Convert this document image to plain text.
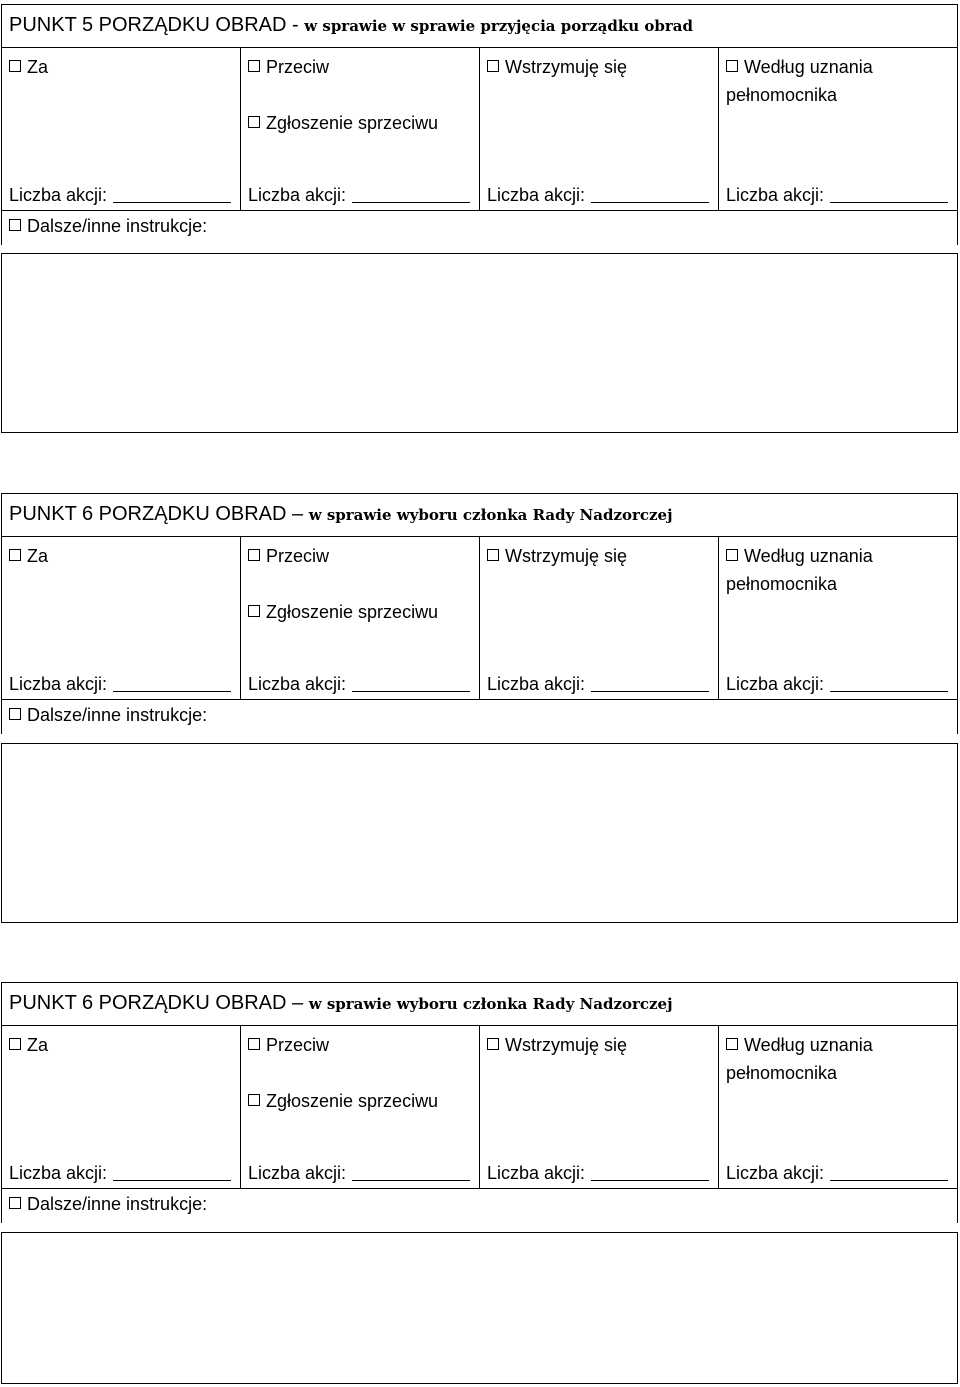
PUNKT 5 PORZĄDKU OBRAD - w sprawie w sprawie przyjęcia porządku obrad
Za
Liczba akcji:

Przeciw
Zgłoszenie sprzeciwu
Liczba akcji:

Wstrzymuję się
Liczba akcji:

Według uznania
pełnomocnika
Liczba akcji:
Dalsze/inne instrukcje:
PUNKT 6 PORZĄDKU OBRAD – w sprawie wyboru członka Rady Nadzorczej
Za
Liczba akcji:

Przeciw
Zgłoszenie sprzeciwu
Liczba akcji:

Wstrzymuję się
Liczba akcji:

Według uznania
pełnomocnika
Liczba akcji:
Dalsze/inne instrukcje:
PUNKT 6 PORZĄDKU OBRAD – w sprawie wyboru członka Rady Nadzorczej
Za
Liczba akcji:

Przeciw
Zgłoszenie sprzeciwu
Liczba akcji:

Wstrzymuję się
Liczba akcji:

Według uznania
pełnomocnika
Liczba akcji:
Dalsze/inne instrukcje:
